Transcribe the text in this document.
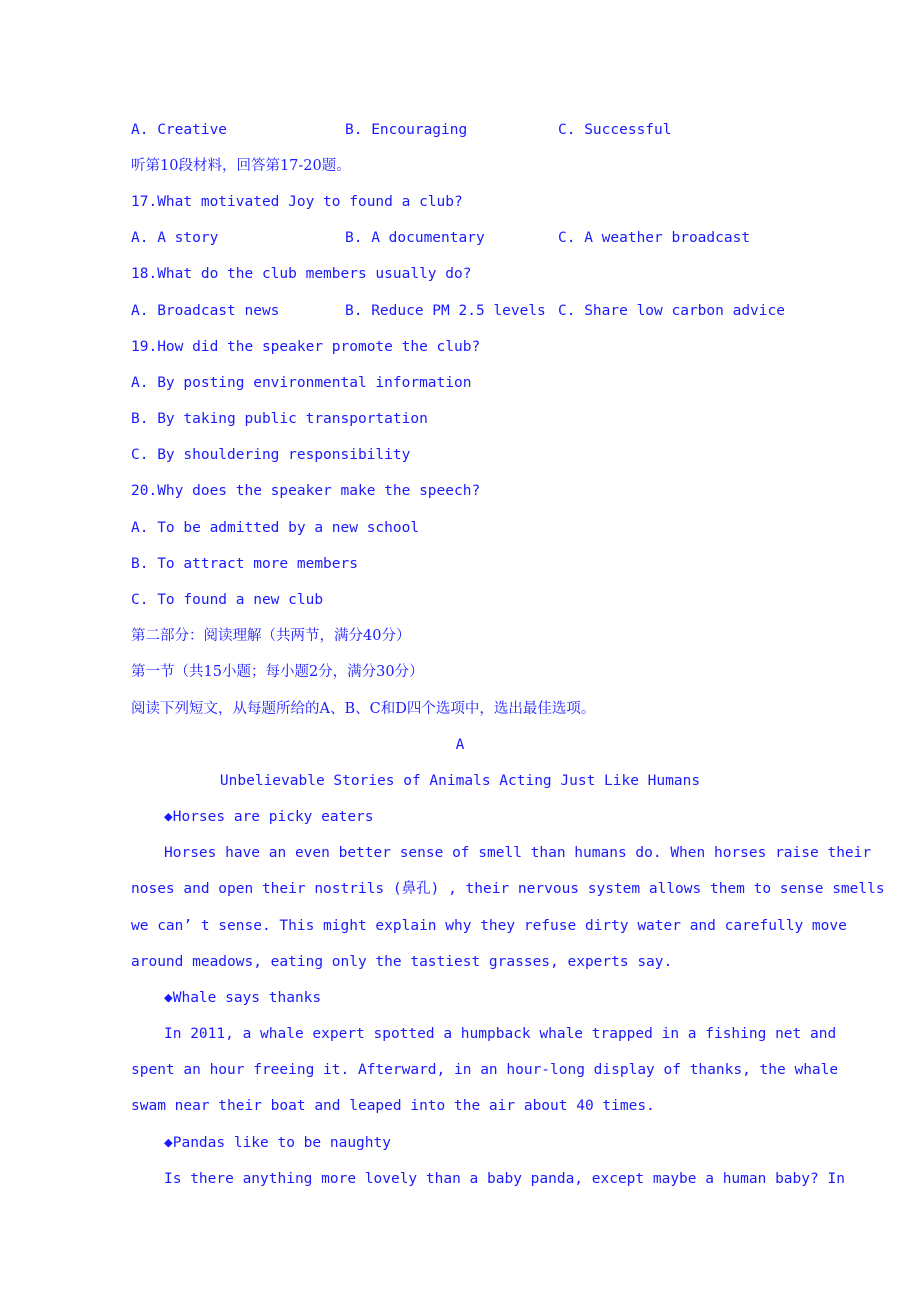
A. Creative

	B. Encouraging

	C. Successful

听第10段材料，回答第17-20题。
17.What motivated Joy to found a club?

A. A story

	B. A documentary

	C. A weather broadcast

18.What do the club members usually do?

A. Broadcast news

	B. Reduce PM 2.5 levels

C. Share low carbon advice

19.How did the speaker promote the club?
A. By posting environmental information
B. By taking public transportation
C. By shouldering responsibility
20.Why does the speaker make the speech?
A. To be admitted by a new school
B. To attract more members
C. To found a new club
第二部分：阅读理解（共两节，满分40分）
第一节（共15小题；每小题2分，满分30分）
阅读下列短文，从每题所给的A、B、C和D四个选项中，选出最佳选项。
A
Unbelievable Stories of Animals Acting Just Like Humans
◆Horses are picky eaters
Horses have an even better sense of smell than humans do. When horses raise their
noses and open their nostrils (鼻孔) , their nervous system allows them to sense smells
we can’ t sense. This might explain why they refuse dirty water and carefully move
around meadows, eating only the tastiest grasses, experts say.
◆Whale says thanks
In 2011, a whale expert spotted a humpback whale trapped in a fishing net and
spent an hour freeing it. Afterward, in an hour-long display of thanks, the whale
swam near their boat and leaped into the air about 40 times.
◆Pandas like to be naughty
Is there anything more lovely than a baby panda, except maybe a human baby? In
